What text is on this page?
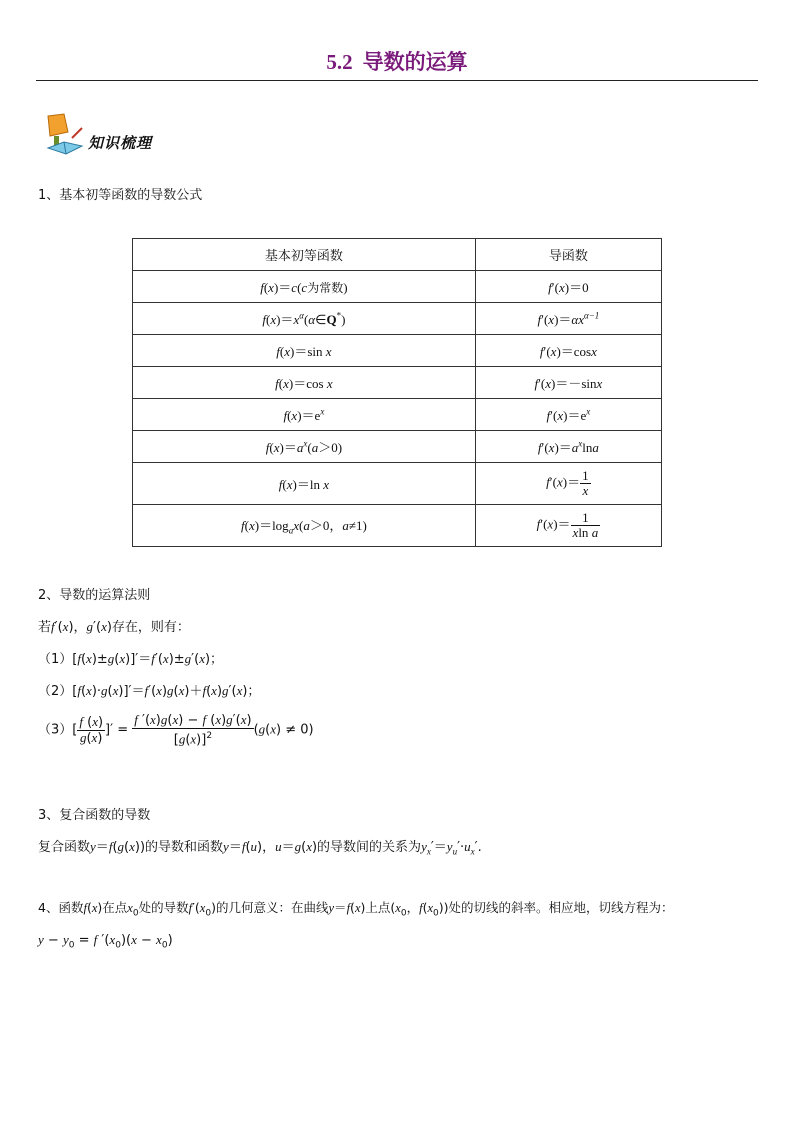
5.2 导数的运算
知识梳理
1、基本初等函数的导数公式
基本初等函数	导函数
f(x)＝c(c为常数)	f′(x)＝0
$f(x)=x^\alpha(\alpha\in Q^*)$	$f'(x)=\alpha x^{\alpha-1}$
f(x)＝sin x	f′(x)＝cosx
f(x)＝cos x	f′(x)＝－sinx
$f(x)=e^x$	$f'(x)=e^x$
$f(x)=a^x(a>0)$	$f'(x)=a^x\ln a$
f(x)＝ln x	$f'(x)= \frac{1}{x}$

$f(x)=\log_ax(a>0$，a≠1)	$f'(x)= \frac{1}{\text{xln a}}$
2、导数的运算法则
若f′(x)，g′(x)存在，则有：
（1）[f(x)±g(x)]′＝f′(x)±g′(x)；
（2）[f(x)·g(x)]′＝f′(x)g(x)＋f(x)g′(x)；
$(3)[ \frac{f (x)}{g(x)}$ ]′ = $\frac{f '(x)g(x) - f (x)g'(x)}{[g(x)]^2} (g(x) \ne 0)$
3、复合函数的导数
复合函数y＝f(g(x))的导数和函数y＝f(u)，u＝g(x)的导数间的关系为$y_x'=y_u'\cdot u_x'$.
4、函数f(x)在点$x_0$处的导数$f'(x_0)$的几何意义：在曲线y＝f(x)上点($x_0$，$f(x_0)$)处的切线的斜率。相应地，切线方程为：
$y - y_0 = f$ $'(x_0)(x - x_0)$
